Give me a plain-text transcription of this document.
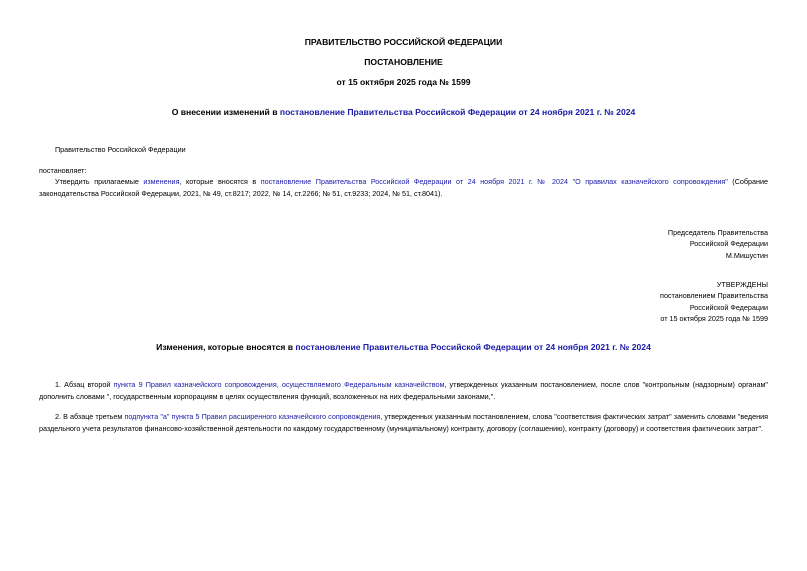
ПРАВИТЕЛЬСТВО РОССИЙСКОЙ ФЕДЕРАЦИИ
ПОСТАНОВЛЕНИЕ
от 15 октября 2025 года № 1599
О внесении изменений в постановление Правительства Российской Федерации от 24 ноября 2021 г. № 2024
Правительство Российской Федерации
постановляет:
Утвердить прилагаемые изменения, которые вносятся в постановление Правительства Российской Федерации от 24 ноября 2021 г. № 2024 "О правилах казначейского сопровождения" (Собрание законодательства Российской Федерации, 2021, № 49, ст.8217; 2022, № 14, ст.2266; № 51, ст.9233; 2024, № 51, ст.8041).
Председатель Правительства
Российской Федерации
М.Мишустин
УТВЕРЖДЕНЫ
постановлением Правительства
Российской Федерации
от 15 октября 2025 года № 1599
Изменения, которые вносятся в постановление Правительства Российской Федерации от 24 ноября 2021 г. № 2024
1. Абзац второй пункта 9 Правил казначейского сопровождения, осуществляемого Федеральным казначейством, утвержденных указанным постановлением, после слов "контрольным (надзорным) органам" дополнить словами ", государственным корпорациям в целях осуществления функций, возложенных на них федеральными законами,".
2. В абзаце третьем подпункта "а" пункта 5 Правил расширенного казначейского сопровождения, утвержденных указанным постановлением, слова "соответствия фактических затрат" заменить словами "ведения раздельного учета результатов финансово-хозяйственной деятельности по каждому государственному (муниципальному) контракту, договору (соглашению), контракту (договору) и соответствия фактических затрат".
